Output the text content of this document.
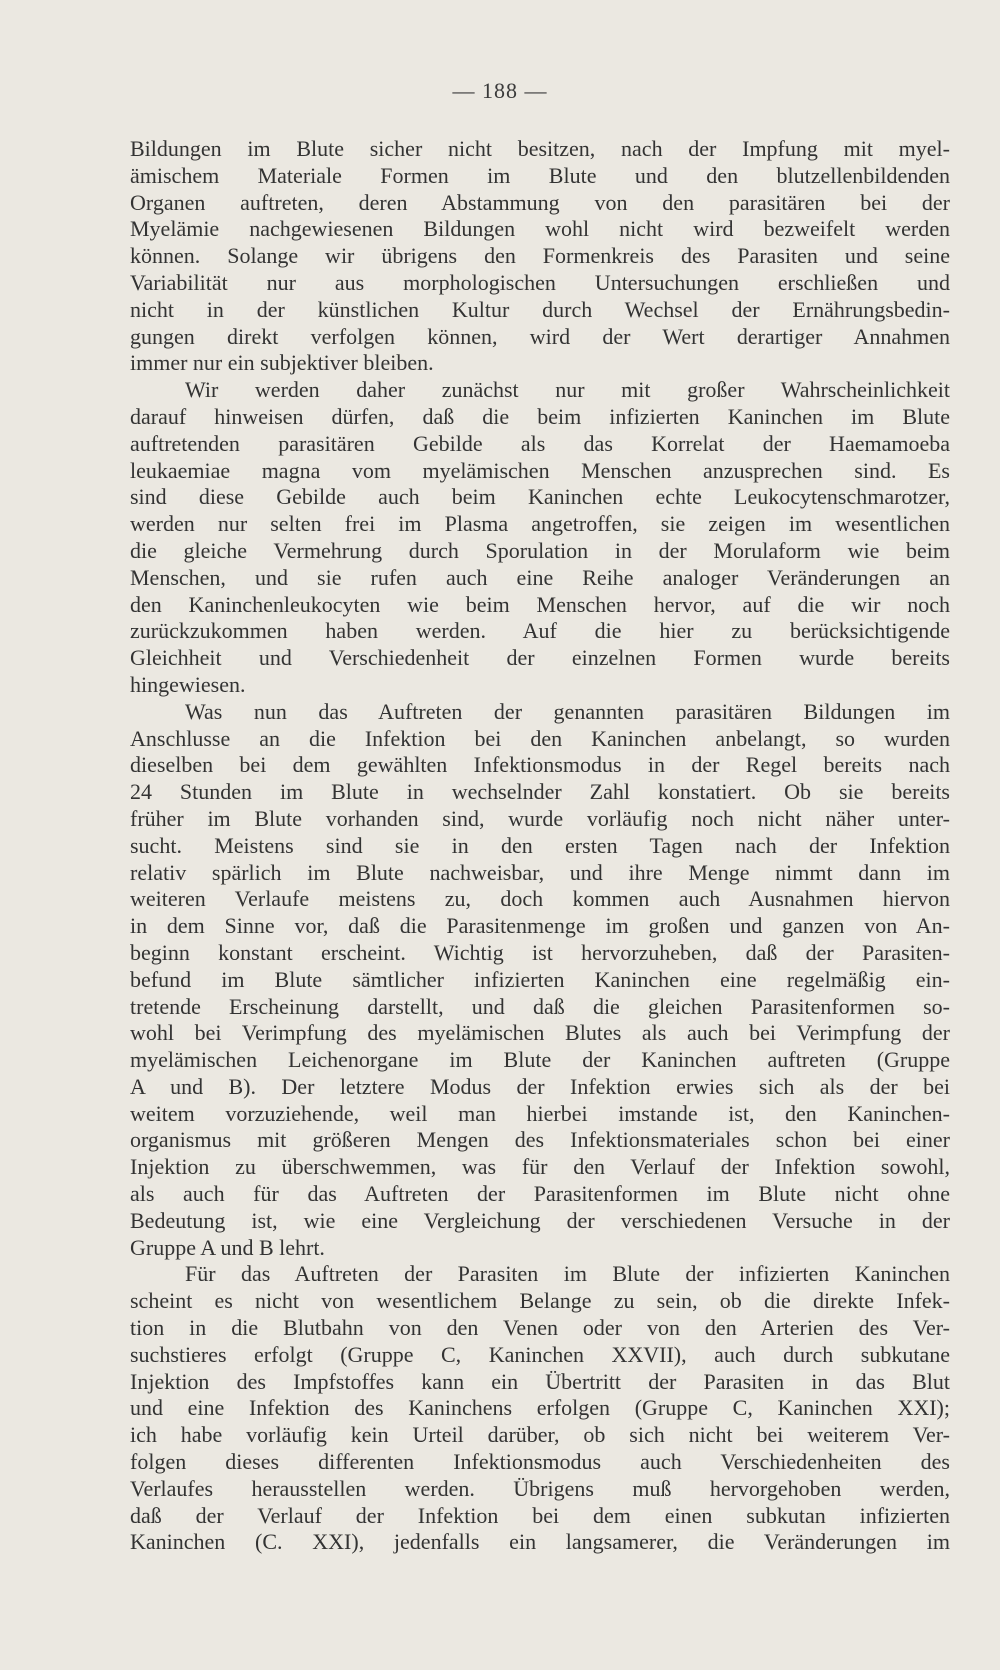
— 188 —
Bildungen im Blute sicher nicht besitzen, nach der Impfung mit myel-
ämischem Materiale Formen im Blute und den blutzellenbildenden
Organen auftreten, deren Abstammung von den parasitären bei der
Myelämie nachgewiesenen Bildungen wohl nicht wird bezweifelt werden
können. Solange wir übrigens den Formenkreis des Parasiten und seine
Variabilität nur aus morphologischen Untersuchungen erschließen und
nicht in der künstlichen Kultur durch Wechsel der Ernährungsbedin-
gungen direkt verfolgen können, wird der Wert derartiger Annahmen
immer nur ein subjektiver bleiben.
Wir werden daher zunächst nur mit großer Wahrscheinlichkeit
darauf hinweisen dürfen, daß die beim infizierten Kaninchen im Blute
auftretenden parasitären Gebilde als das Korrelat der Haemamoeba
leukaemiae magna vom myelämischen Menschen anzusprechen sind. Es
sind diese Gebilde auch beim Kaninchen echte Leukocytenschmarotzer,
werden nur selten frei im Plasma angetroffen, sie zeigen im wesentlichen
die gleiche Vermehrung durch Sporulation in der Morulaform wie beim
Menschen, und sie rufen auch eine Reihe analoger Veränderungen an
den Kaninchenleukocyten wie beim Menschen hervor, auf die wir noch
zurückzukommen haben werden. Auf die hier zu berücksichtigende
Gleichheit und Verschiedenheit der einzelnen Formen wurde bereits
hingewiesen.
Was nun das Auftreten der genannten parasitären Bildungen im
Anschlusse an die Infektion bei den Kaninchen anbelangt, so wurden
dieselben bei dem gewählten Infektionsmodus in der Regel bereits nach
24 Stunden im Blute in wechselnder Zahl konstatiert. Ob sie bereits
früher im Blute vorhanden sind, wurde vorläufig noch nicht näher unter-
sucht. Meistens sind sie in den ersten Tagen nach der Infektion
relativ spärlich im Blute nachweisbar, und ihre Menge nimmt dann im
weiteren Verlaufe meistens zu, doch kommen auch Ausnahmen hiervon
in dem Sinne vor, daß die Parasitenmenge im großen und ganzen von An-
beginn konstant erscheint. Wichtig ist hervorzuheben, daß der Parasiten-
befund im Blute sämtlicher infizierten Kaninchen eine regelmäßig ein-
tretende Erscheinung darstellt, und daß die gleichen Parasitenformen so-
wohl bei Verimpfung des myelämischen Blutes als auch bei Verimpfung der
myelämischen Leichenorgane im Blute der Kaninchen auftreten (Gruppe
A und B). Der letztere Modus der Infektion erwies sich als der bei
weitem vorzuziehende, weil man hierbei imstande ist, den Kaninchen-
organismus mit größeren Mengen des Infektionsmateriales schon bei einer
Injektion zu überschwemmen, was für den Verlauf der Infektion sowohl,
als auch für das Auftreten der Parasitenformen im Blute nicht ohne
Bedeutung ist, wie eine Vergleichung der verschiedenen Versuche in der
Gruppe A und B lehrt.
Für das Auftreten der Parasiten im Blute der infizierten Kaninchen
scheint es nicht von wesentlichem Belange zu sein, ob die direkte Infek-
tion in die Blutbahn von den Venen oder von den Arterien des Ver-
suchstieres erfolgt (Gruppe C, Kaninchen XXVII), auch durch subkutane
Injektion des Impfstoffes kann ein Übertritt der Parasiten in das Blut
und eine Infektion des Kaninchens erfolgen (Gruppe C, Kaninchen XXI);
ich habe vorläufig kein Urteil darüber, ob sich nicht bei weiterem Ver-
folgen dieses differenten Infektionsmodus auch Verschiedenheiten des
Verlaufes herausstellen werden. Übrigens muß hervorgehoben werden,
daß der Verlauf der Infektion bei dem einen subkutan infizierten
Kaninchen (C. XXI), jedenfalls ein langsamerer, die Veränderungen im
